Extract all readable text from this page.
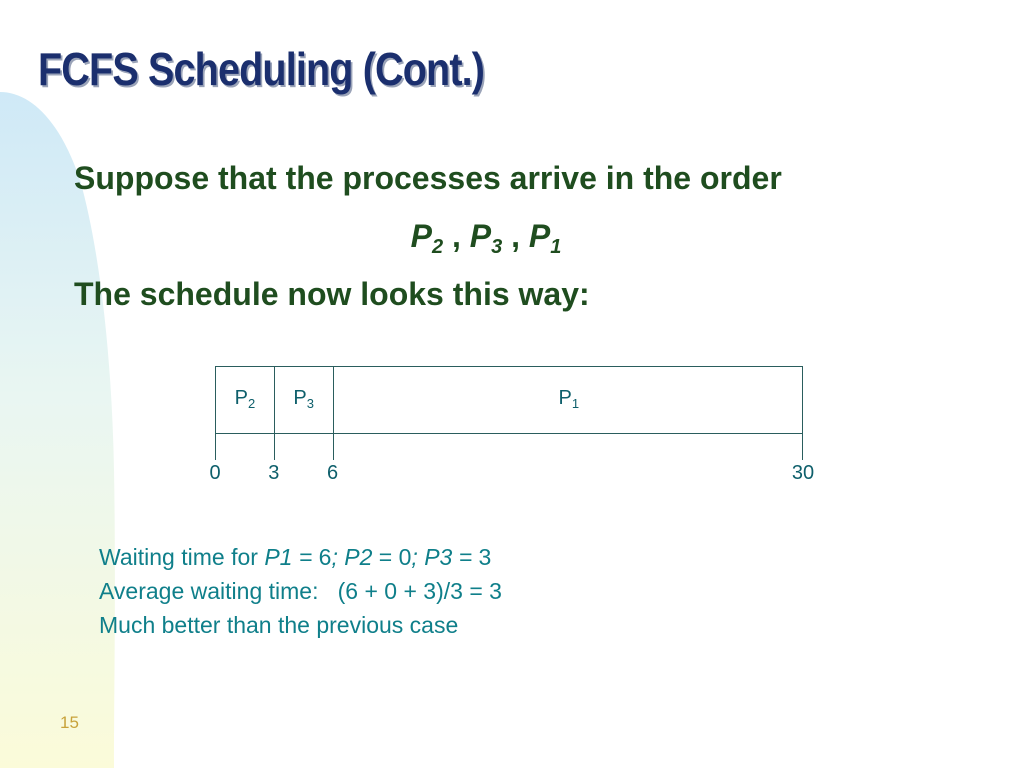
FCFS Scheduling (Cont.)
Suppose that the processes arrive in the order
$P_2$ , $P_3$ , $P_1$
The schedule now looks this way:
$P_2$	$P_3$	$P_1$
0 3 6	30
Waiting time for P1 = 6; P2 = 0; P3 = 3
Average waiting time:   (6 + 0 + 3)/3 = 3
Much better than the previous case
15
